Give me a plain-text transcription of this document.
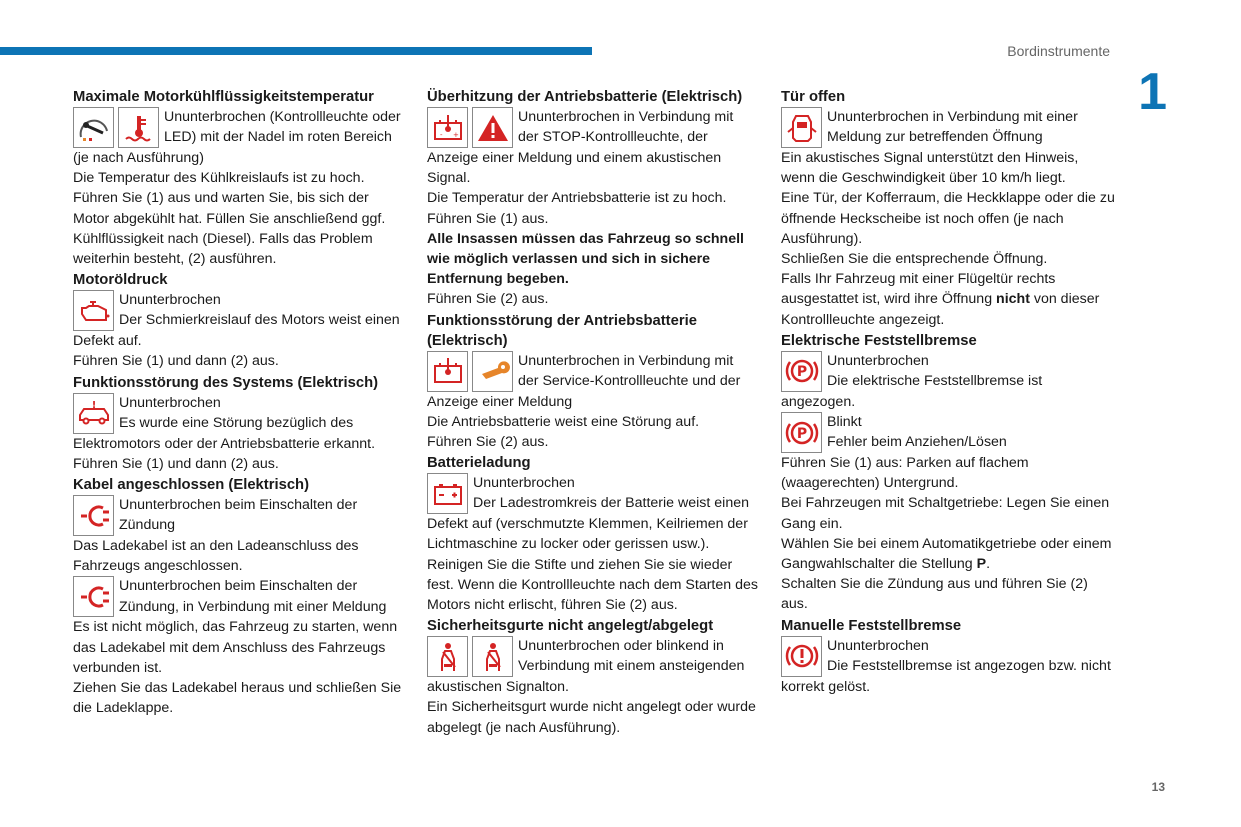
Bordinstrumente
1
13
Maximale Motorkühlflüssigkeitstemperatur
Ununterbrochen (Kontrollleuchte oder
LED) mit der Nadel im roten Bereich

(je nach Ausführung)

Die Temperatur des Kühlkreislaufs ist zu hoch.

Führen Sie (1) aus und warten Sie, bis sich der Motor abgekühlt hat. Füllen Sie anschließend ggf. Kühlflüssigkeit nach (Diesel). Falls das Problem weiterhin besteht, (2) ausführen.

Motoröldruck
Ununterbrochen
Der Schmierkreislauf des Motors weist einen

Defekt auf.

Führen Sie (1) und dann (2) aus.

Funktionsstörung des Systems (Elektrisch)
!	Ununterbrochen
Es wurde eine Störung bezüglich des

Elektromotors oder der Antriebsbatterie erkannt.

Führen Sie (1) und dann (2) aus.

Kabel angeschlossen (Elektrisch)
Ununterbrochen beim Einschalten der
Zündung

Das Ladekabel ist an den Ladeanschluss des Fahrzeugs angeschlossen.

Ununterbrochen beim Einschalten der
Zündung, in Verbindung mit einer Meldung

Es ist nicht möglich, das Fahrzeug zu starten, wenn das Ladekabel mit dem Anschluss des Fahrzeugs verbunden ist.

Ziehen Sie das Ladekabel heraus und schließen Sie die Ladeklappe.

Überhitzung der Antriebsbatterie (Elektrisch)
- +
Ununterbrochen in Verbindung mit
der STOP-Kontrollleuchte, der

Anzeige einer Meldung und einem akustischen Signal.

Die Temperatur der Antriebsbatterie ist zu hoch.

Führen Sie (1) aus.

Alle Insassen müssen das Fahrzeug so schnell wie möglich verlassen und sich in sichere Entfernung begeben.

Führen Sie (2) aus.

Funktionsstörung der Antriebsbatterie (Elektrisch)
Ununterbrochen in Verbindung mit
der Service-Kontrollleuchte und der

Anzeige einer Meldung

Die Antriebsbatterie weist eine Störung auf.

Führen Sie (2) aus.

Batterieladung
Ununterbrochen
Der Ladestromkreis der Batterie weist einen

Defekt auf (verschmutzte Klemmen, Keilriemen der Lichtmaschine zu locker oder gerissen usw.).

Reinigen Sie die Stifte und ziehen Sie sie wieder fest. Wenn die Kontrollleuchte nach dem Starten des Motors nicht erlischt, führen Sie (2) aus.

Sicherheitsgurte nicht angelegt/abgelegt
Ununterbrochen oder blinkend in
Verbindung mit einem ansteigenden

akustischen Signalton.

Ein Sicherheitsgurt wurde nicht angelegt oder wurde abgelegt (je nach Ausführung).

Tür offen
Ununterbrochen in Verbindung mit einer
Meldung zur betreffenden Öffnung

Ein akustisches Signal unterstützt den Hinweis, wenn die Geschwindigkeit über 10 km/h liegt.

Eine Tür, der Kofferraum, die Heckklappe oder die zu öffnende Heckscheibe ist noch offen (je nach Ausführung).

Schließen Sie die entsprechende Öffnung.

Falls Ihr Fahrzeug mit einer Flügeltür rechts ausgestattet ist, wird ihre Öffnung nicht von dieser Kontrollleuchte angezeigt.

Elektrische Feststellbremse
P
Ununterbrochen
Die elektrische Feststellbremse ist

angezogen.

P
Blinkt
Fehler beim Anziehen/Lösen

Führen Sie (1) aus: Parken auf flachem (waagerechten) Untergrund.

Bei Fahrzeugen mit Schaltgetriebe: Legen Sie einen Gang ein.

Wählen Sie bei einem Automatikgetriebe oder einem Gangwahlschalter die Stellung P.

Schalten Sie die Zündung aus und führen Sie (2) aus.

Manuelle Feststellbremse
Ununterbrochen
Die Feststellbremse ist angezogen bzw. nicht

korrekt gelöst.
